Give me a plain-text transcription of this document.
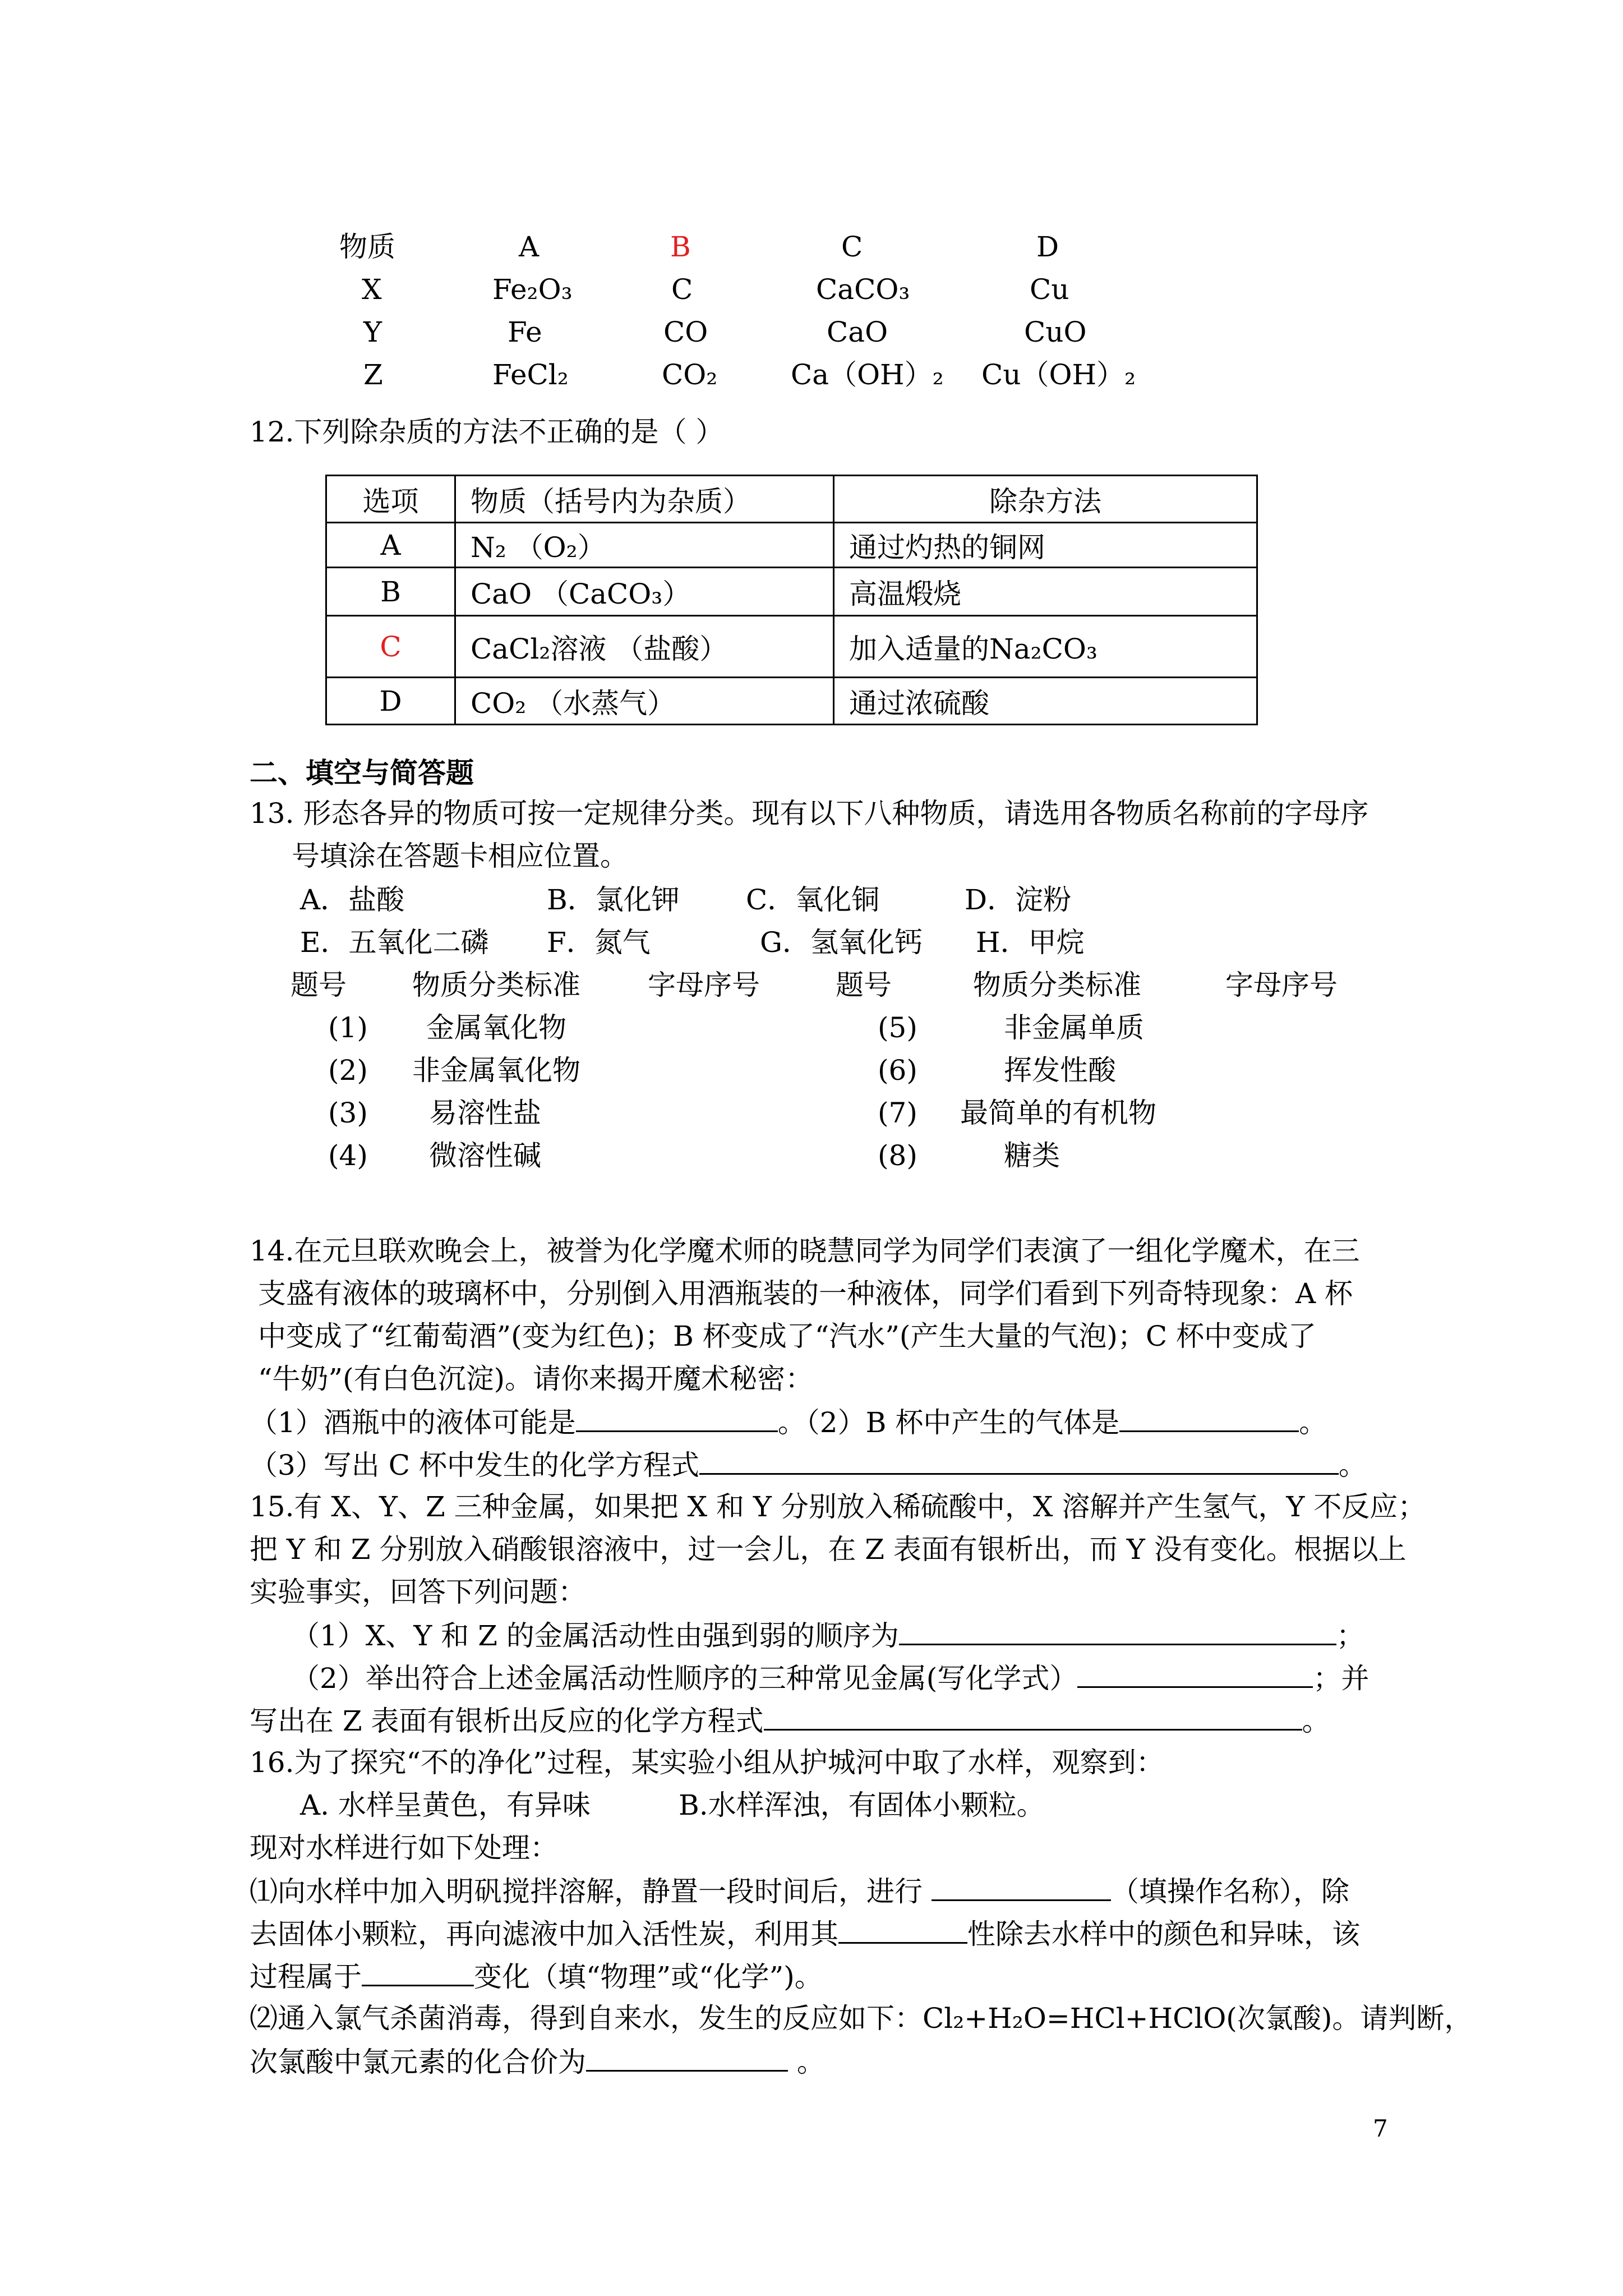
物质	A	B	C	D
X	Fe₂O₃	C	CaCO₃	Cu
Y	Fe	CO	CaO	CuO
Z	FeCl₂	CO₂	Ca（OH）₂ Cu（OH）₂
12.下列除杂质的方法不正确的是（ ）
选项	物质（括号内为杂质）	除杂方法
A	N₂ （O₂）	通过灼热的铜网
B	CaO （CaCO₃）	高温煅烧
C	CaCl₂溶液 （盐酸）	加入适量的Na₂CO₃
D	CO₂ （水蒸气）	通过浓硫酸
二、填空与简答题
13. 形态各异的物质可按一定规律分类。现有以下八种物质，请选用各物质名称前的字母序
号填涂在答题卡相应位置。
A．盐酸	B．氯化钾 C．氧化铜	D．淀粉
E．五氧化二磷 F．氮气	G．氢氧化钙 H．甲烷
题号 物质分类标准 字母序号	题号	物质分类标准	字母序号
(1) 金属氧化物	(5)	非金属单质
(2) 非金属氧化物	(6)	挥发性酸
(3) 易溶性盐	(7) 最简单的有机物
(4) 微溶性碱	(8)	糖类
14.在元旦联欢晚会上，被誉为化学魔术师的晓慧同学为同学们表演了一组化学魔术，在三
支盛有液体的玻璃杯中，分别倒入用酒瓶装的一种液体，同学们看到下列奇特现象：A 杯
中变成了“红葡萄酒”(变为红色)；B 杯变成了“汽水”(产生大量的气泡)；C 杯中变成了
“牛奶”(有白色沉淀)。请你来揭开魔术秘密：
（1）酒瓶中的液体可能是	。（2）B 杯中产生的气体是	。
（3）写出 C 杯中发生的化学方程式	。
15.有 X、Y、Z 三种金属，如果把 X 和 Y 分别放入稀硫酸中，X 溶解并产生氢气，Y 不反应；
把 Y 和 Z 分别放入硝酸银溶液中，过一会儿，在 Z 表面有银析出，而 Y 没有变化。根据以上
实验事实，回答下列问题：
（1）X、Y 和 Z 的金属活动性由强到弱的顺序为	；
（2）举出符合上述金属活动性顺序的三种常见金属(写化学式）	；并
写出在 Z 表面有银析出反应的化学方程式	。
16.为了探究“不的净化”过程，某实验小组从护城河中取了水样，观察到：
A. 水样呈黄色，有异味	B.水样浑浊，有固体小颗粒。
现对水样进行如下处理：
⑴向水样中加入明矾搅拌溶解，静置一段时间后，进行	（填操作名称），除
去固体小颗粒，再向滤液中加入活性炭，利用其	性除去水样中的颜色和异味，该
过程属于	变化（填“物理”或“化学”)。
⑵通入氯气杀菌消毒，得到自来水，发生的反应如下：Cl₂+H₂O=HCl+HClO(次氯酸)。请判断，
次氯酸中氯元素的化合价为	。
7
